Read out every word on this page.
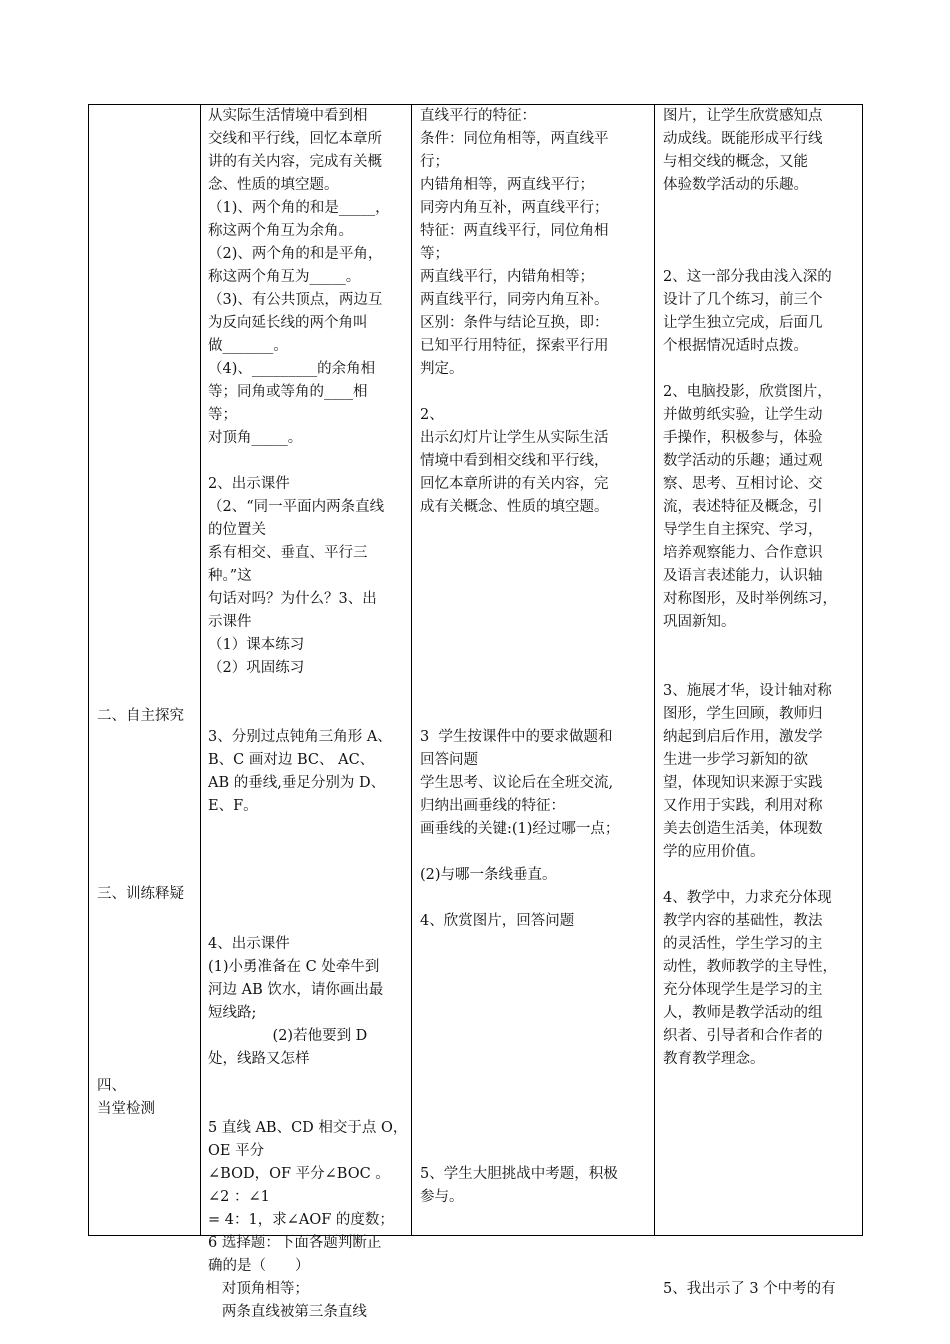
二、自主探究
三、训练释疑
四、
当堂检测

从实际生活情境中看到相

交线和平行线，回忆本章所

讲的有关内容，完成有关概

念、性质的填空题。

（1)、两个角的和是_____，

称这两个角互为余角。

（2)、两个角的和是平角，

称这两个角互为_____。

（3)、有公共顶点，两边互

为反向延长线的两个角叫

做_______。

（4)、_________的余角相

等；同角或等角的____相

等；

对顶角_____。

2、出示课件

（2、“同一平面内两条直线

的位置关

系有相交、垂直、平行三

种。”这

句话对吗？为什么？3、出

示课件

（1）课本练习

（2）巩固练习

3、分别过点钝角三角形 A、

B、C 画对边 BC、 AC、

AB 的垂线,垂足分别为 D、

E、F。

4、出示课件

(1)小勇准备在 C 处牵牛到

河边 AB 饮水，请你画出最

短线路;

(2)若他要到 D

处，线路又怎样

5 直线 AB、CD 相交于点 O，

OE 平分

∠BOD，OF 平分∠BOC 。

∠2 ：∠1

= 4：1，求∠AOF 的度数；

6 选择题：下面各题判断正

确的是（　　）

对顶角相等；

两条直线被第三条直线

直线平行的特征：

条件：同位角相等，两直线平

行；

内错角相等，两直线平行；

同旁内角互补，两直线平行；

特征：两直线平行，同位角相

等；

两直线平行，内错角相等；

两直线平行，同旁内角互补。

区别：条件与结论互换，即：

已知平行用特征，探索平行用

判定。

2、

出示幻灯片让学生从实际生活

情境中看到相交线和平行线，

回忆本章所讲的有关内容，完

成有关概念、性质的填空题。

3  学生按课件中的要求做题和

回答问题

学生思考、议论后在全班交流,

归纳出画垂线的特征：

画垂线的关键:(1)经过哪一点；

(2)与哪一条线垂直。

4、欣赏图片，回答问题

5、学生大胆挑战中考题，积极

参与。

图片，让学生欣赏感知点

动成线。既能形成平行线

与相交线的概念，又能

体验数学活动的乐趣。

2、这一部分我由浅入深的

设计了几个练习，前三个

让学生独立完成，后面几

个根据情况适时点拨。

2、电脑投影，欣赏图片，

并做剪纸实验，让学生动

手操作，积极参与，体验

数学活动的乐趣；通过观

察、思考、互相讨论、交

流，表述特征及概念，引

导学生自主探究、学习，

培养观察能力、合作意识

及语言表述能力，认识轴

对称图形，及时举例练习，

巩固新知。

3、施展才华，设计轴对称

图形，学生回顾，教师归

纳起到启后作用，激发学

生进一步学习新知的欲

望，体现知识来源于实践

又作用于实践，利用对称

美去创造生活美，体现数

学的应用价值。

4、教学中，力求充分体现

教学内容的基础性，教法

的灵活性，学生学习的主

动性，教师教学的主导性，

充分体现学生是学习的主

人，教师是教学活动的组

织者、引导者和合作者的

教育教学理念。

5、我出示了 3 个中考的有
